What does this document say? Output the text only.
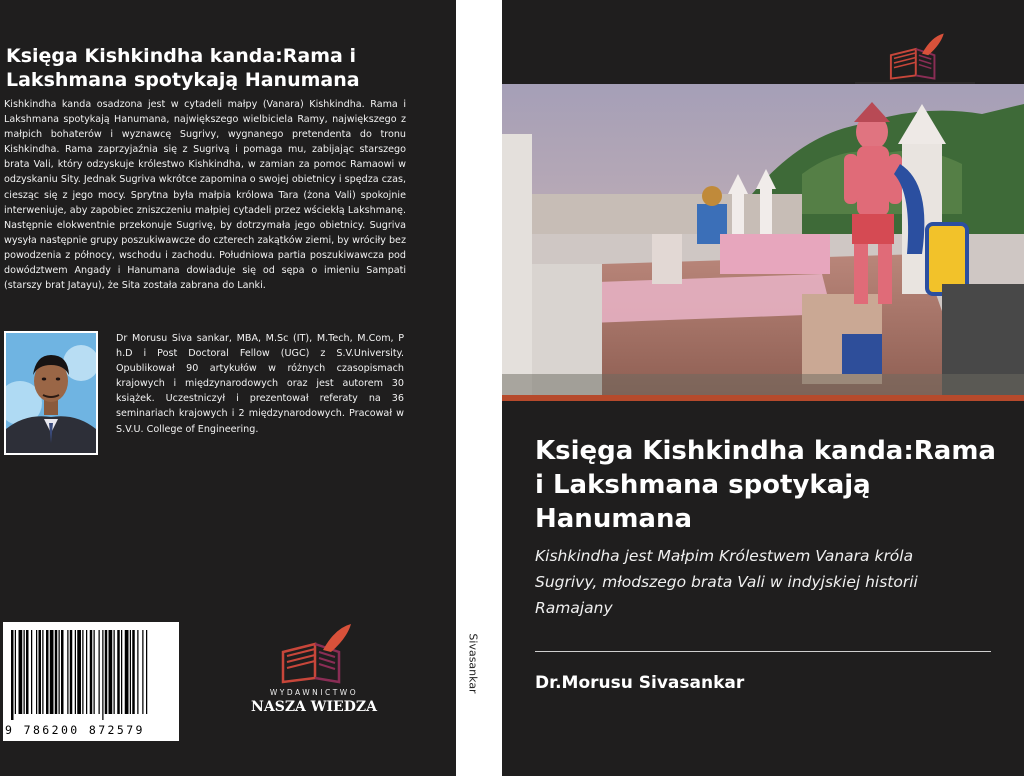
Księga Kishkindha kanda:Rama i Lakshmana spotykają Hanumana
Kishkindha kanda osadzona jest w cytadeli małpy (Vanara) Kishkindha. Rama i Lakshmana spotykają Hanumana, największego wielbiciela Ramy, największego z małpich bohaterów i wyznawcę Sugrivy, wygnanego pretendenta do tronu Kishkindha. Rama zaprzyjaźnia się z Sugrivą i pomaga mu, zabijając starszego brata Vali, który odzyskuje królestwo Kishkindha, w zamian za pomoc Ramaowi w odzyskaniu Sity. Jednak Sugriva wkrótce zapomina o swojej obietnicy i spędza czas, ciesząc się z jego mocy. Sprytna była małpia królowa Tara (żona Vali) spokojnie interweniuje, aby zapobiec zniszczeniu małpiej cytadeli przez wściekłą Lakshmanę. Następnie elokwentnie przekonuje Sugrivę, by dotrzymała jego obietnicy. Sugriva wysyła następnie grupy poszukiwawcze do czterech zakątków ziemi, by wróciły bez powodzenia z północy, wschodu i zachodu. Południowa partia poszukiwawcza pod dowództwem Angady i Hanumana dowiaduje się od sępa o imieniu Sampati (starszy brat Jatayu), że Sita została zabrana do Lanki.
Dr Morusu Siva sankar, MBA, M.Sc (IT), M.Tech, M.Com, P h.D i Post Doctoral Fellow (UGC) z S.V.University. Opublikował 90 artykułów w różnych czasopismach krajowych i międzynarodowych oraz jest autorem 30 książek. Uczestniczył i prezentował referaty na 36 seminariach krajowych i 2 międzynarodowych. Pracował w S.V.U. College of Engineering.
9 786200 872579
WYDAWNICTWO
NASZA WIEDZA
Sivasankar
Księga Kishkindha kanda:Rama i Lakshmana spotykają Hanumana
Kishkindha jest Małpim Królestwem Vanara króla Sugrivy, młodszego brata Vali w indyjskiej historii Ramajany
Dr.Morusu Sivasankar
